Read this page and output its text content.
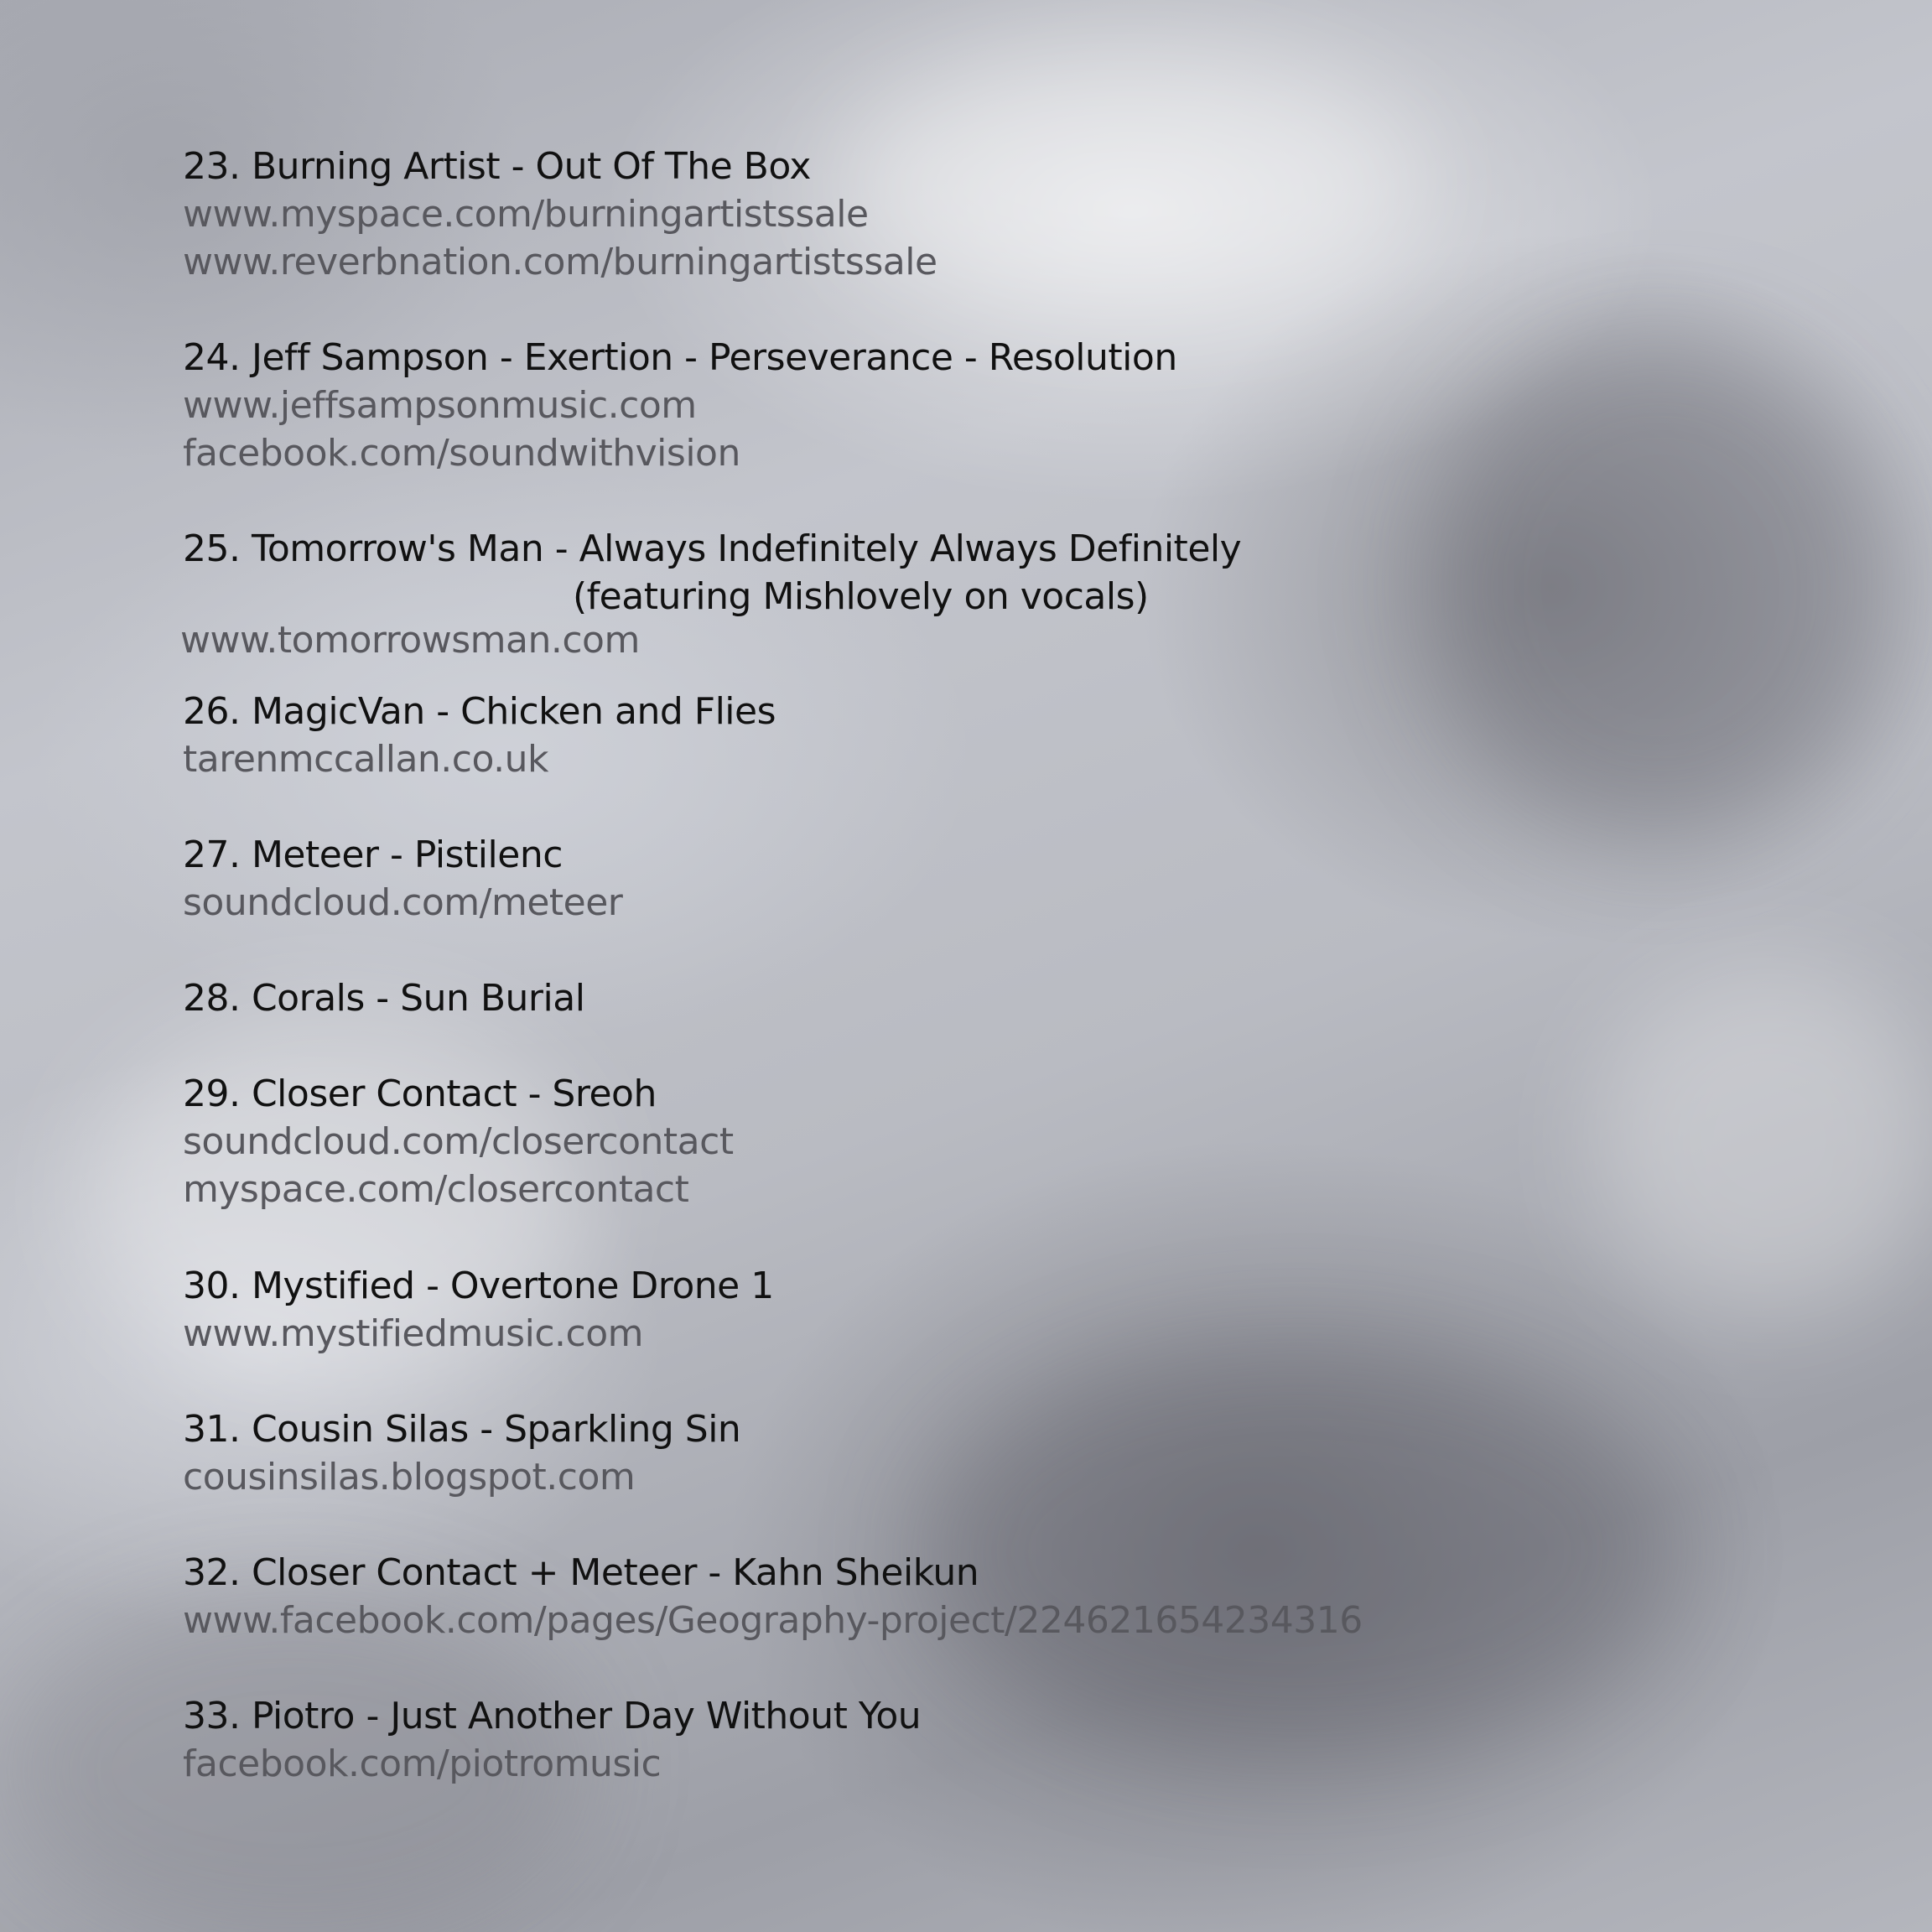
23. Burning Artist - Out Of The Box
www.myspace.com/burningartistssale
www.reverbnation.com/burningartistssale
24. Jeff Sampson - Exertion - Perseverance - Resolution
www.jeffsampsonmusic.com
facebook.com/soundwithvision
25. Tomorrow's Man - Always Indefinitely Always Definitely
(featuring Mishlovely on vocals)
www.tomorrowsman.com
26. MagicVan - Chicken and Flies
tarenmccallan.co.uk
27. Meteer - Pistilenc
soundcloud.com/meteer
28. Corals - Sun Burial
29. Closer Contact - Sreoh
soundcloud.com/closercontact
myspace.com/closercontact
30. Mystified - Overtone Drone 1
www.mystifiedmusic.com
31. Cousin Silas - Sparkling Sin
cousinsilas.blogspot.com
32. Closer Contact + Meteer - Kahn Sheikun
www.facebook.com/pages/Geography-project/224621654234316
33. Piotro - Just Another Day Without You
facebook.com/piotromusic
